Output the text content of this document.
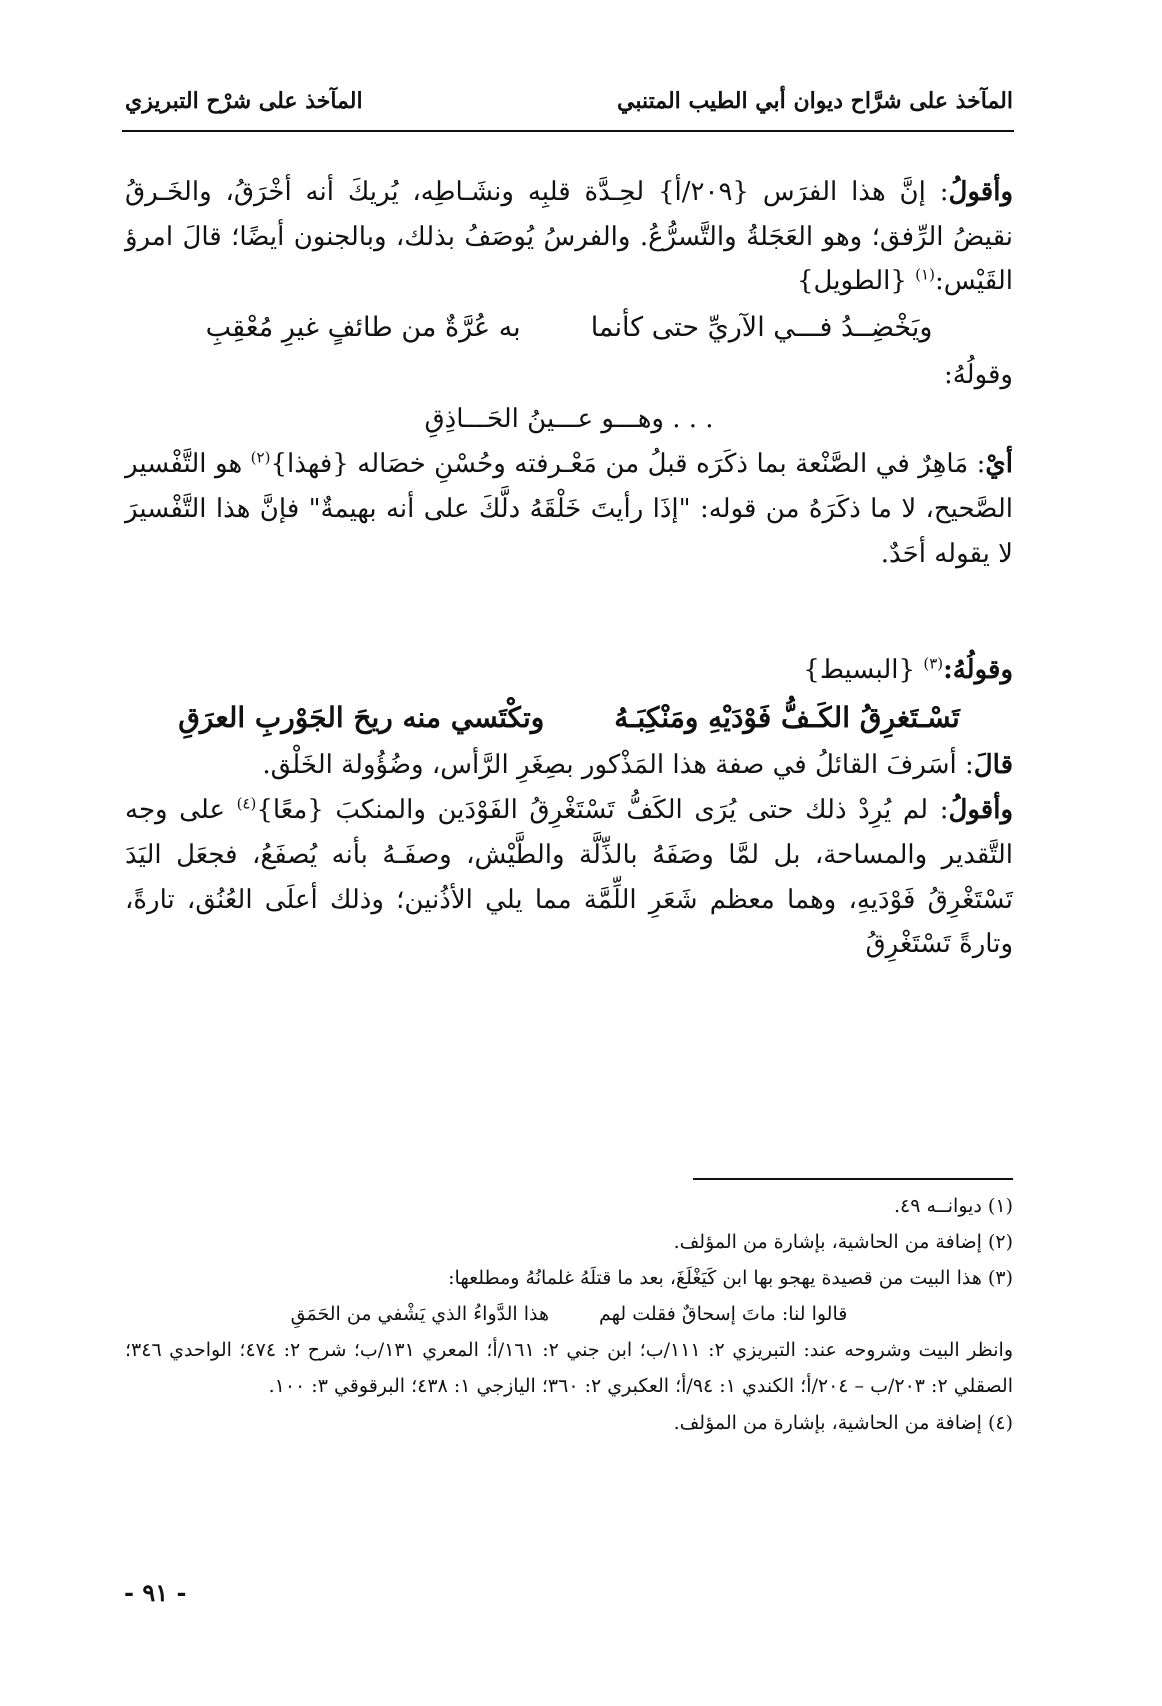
المآخذ على شرَّاح ديوان أبي الطيب المتنبي
المآخذ على شرْح التبريزي

وأقولُ: إنَّ هذا الفرَس {٢٠٩/أ} لحِـدَّة قلبِه ونشَـاطِه، يُريكَ أنه أخْرَقُ، والخَـرقُ نقيضُ الرِّفق؛ وهو العَجَلةُ والتَّسرُّعُ. والفرسُ يُوصَفُ بذلك، وبالجنون أيضًا؛ قالَ امرؤ القَيْس:$^{(١)}$ {الطويل}

ويَخْضِــدُ فـــي الآريِّ حتى كأنما
به عُرَّةٌ من طائفٍ غيرِ مُعْقِبِ

وقولُهُ:

. . . وهـــو عـــينُ الحَـــاذِقِ

أيْ: مَاهِرٌ في الصَّنْعة بما ذكَرَه قبلُ من مَعْـرفته وحُسْنِ خصَاله {فهذا}$^{(٢)}$ هو التَّفْسير الصَّحيح، لا ما ذكَرَهُ من قوله: "إذَا رأيتَ خَلْقَهُ دلَّكَ على أنه بهيمةٌ" فإنَّ هذا التَّفْسيرَ لا يقوله أحَدٌ.

وقولُهُ:$^{(٣)}$ {البسيط}

تَسْـتَغرِقُ الكَـفُّ فَوْدَيْهِ ومَنْكِبَـهُ
وتكْتَسي منه ريحَ الجَوْربِ العرَقِ

قالَ: أسَرفَ القائلُ في صفة هذا المَذْكور بصِغَرِ الرَّأس، وضُؤُولة الخَلْق.

وأقولُ: لم يُرِدْ ذلك حتى يُرَى الكَفُّ تَسْتَغْرِقُ الفَوْدَين والمنكبَ {معًا}$^{(٤)}$ على وجه التَّقدير والمساحة، بل لمَّا وصَفَهُ بالذِّلَّة والطَّيْش، وصفَـهُ بأنه يُصفَعُ، فجعَل اليَدَ تَسْتَغْرِقُ فَوْدَيهِ، وهما معظم شَعَرِ اللِّمَّة مما يلي الأذُنين؛ وذلك أعلَى العُنُق، تارةً، وتارةً تَسْتَغْرِقُ

(١) ديوانــه ٤٩.

(٢) إضافة من الحاشية، بإشارة من المؤلف.

(٣) هذا البيت من قصيدة يهجو بها ابن كَيَغْلَغَ، بعد ما قتلَهُ غلمانُهُ ومطلعها:

قالوا لنا: ماتَ إسحاقٌ فقلت لهم
هذا الدَّواءُ الذي يَشْفي من الحَمَقِ

وانظر البيت وشروحه عند: التبريزي ٢: ١١١/ب؛ ابن جني ٢: ١٦١/أ؛ المعري ١٣١/ب؛ شرح ٢: ٤٧٤؛ الواحدي ٣٤٦؛ الصقلي ٢: ٢٠٣/ب – ٢٠٤/أ؛ الكندي ١: ٩٤/أ؛ العكبري ٢: ٣٦٠؛ اليازجي ١: ٤٣٨؛ البرقوقي ٣: ١٠٠.

(٤) إضافة من الحاشية، بإشارة من المؤلف.

- ٩١ -
